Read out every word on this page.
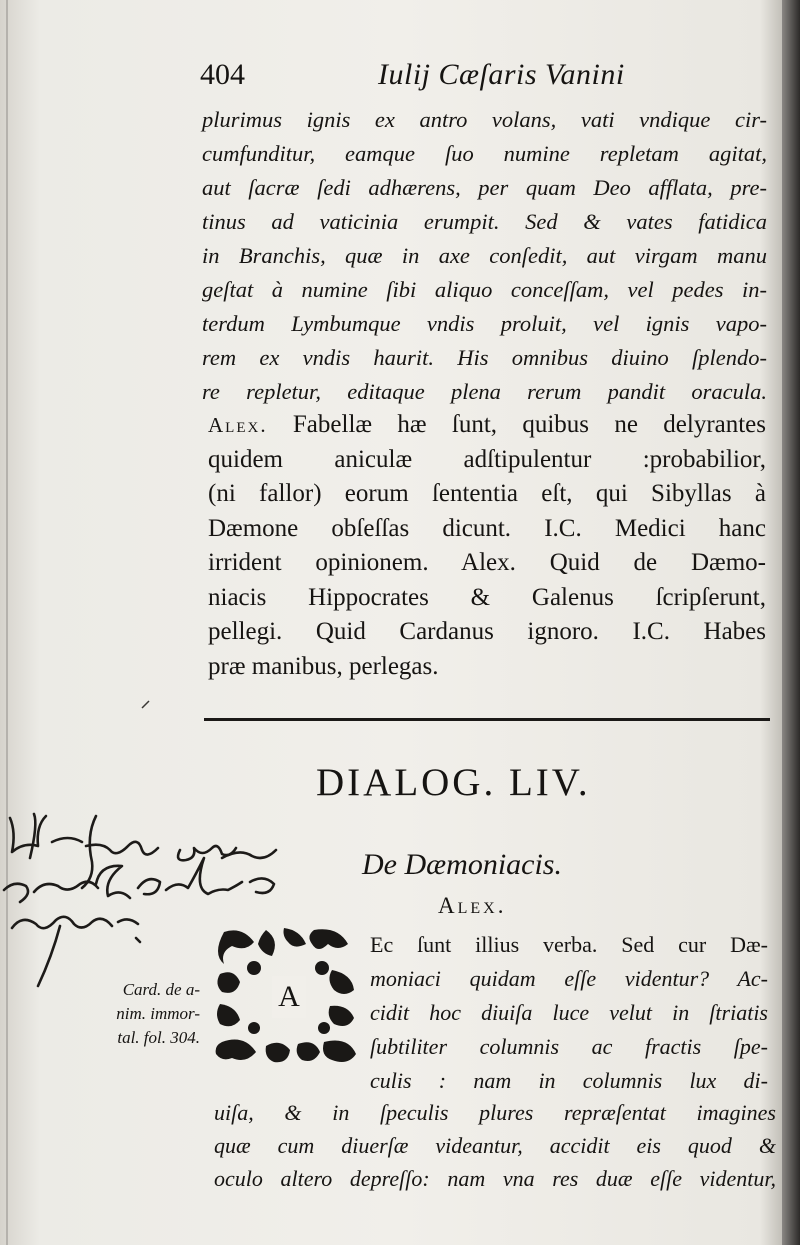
404	Iulij Cæſaris Vanini
plurimus ignis ex antro volans, vati vndique cir-
cumfunditur, eamque ſuo numine repletam agitat,
aut ſacræ ſedi adhærens, per quam Deo afflata, pre-
tinus ad vaticinia erumpit. Sed & vates fatidica
in Branchis, quæ in axe conſedit, aut virgam manu
geſtat à numine ſibi aliquo conceſſam, vel pedes in-
terdum Lymbumque vndis proluit, vel ignis vapo-
rem ex vndis haurit. His omnibus diuino ſplendo-
re repletur, editaque plena rerum pandit oracula.
Alex. Fabellæ hæ ſunt, quibus ne delyrantes
quidem aniculæ adſtipulentur :probabilior,
(ni fallor) eorum ſententia eſt, qui Sibyllas à
Dæmone obſeſſas dicunt. I.C. Medici hanc
irrident opinionem. Alex. Quid de Dæmo-
niacis Hippocrates & Galenus ſcripſerunt,
pellegi. Quid Cardanus ignoro. I.C. Habes
præ manibus, perlegas.
DIALOG. LIV.
De Dæmoniacis.
Alex.
A
Ec ſunt illius verba. Sed cur Dæ-
moniaci quidam eſſe videntur? Ac-
cidit hoc diuiſa luce velut in ſtriatis
ſubtiliter columnis ac fractis ſpe-
culis : nam in columnis lux di-
uiſa, & in ſpeculis plures repræſentat imagines
quæ cum diuerſæ videantur, accidit eis quod &
oculo altero depreſſo: nam vna res duæ eſſe videntur,
Card. de a-
nim. immor-
tal. fol. 304.
